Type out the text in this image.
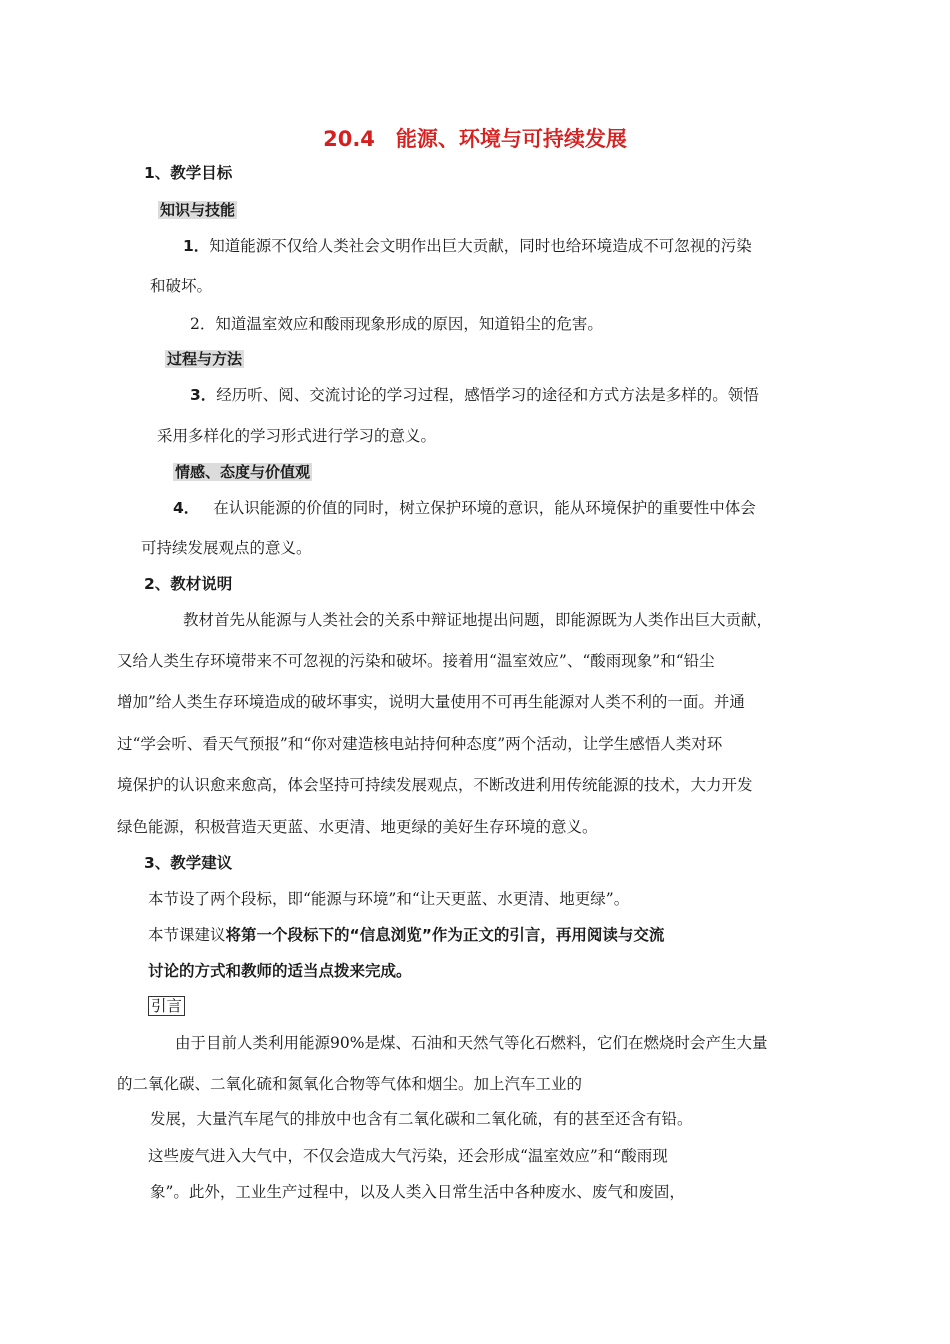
20.4　能源、环境与可持续发展
1、教学目标
知识与技能
1．知道能源不仅给人类社会文明作出巨大贡献，同时也给环境造成不可忽视的污染
和破坏。
2．知道温室效应和酸雨现象形成的原因，知道铅尘的危害。
过程与方法
3．经历听、阅、交流讨论的学习过程，感悟学习的途径和方式方法是多样的。领悟
采用多样化的学习形式进行学习的意义。
情感、态度与价值观
4． 在认识能源的价值的同时，树立保护环境的意识，能从环境保护的重要性中体会
可持续发展观点的意义。
2、教材说明
教材首先从能源与人类社会的关系中辩证地提出问题，即能源既为人类作出巨大贡献，
又给人类生存环境带来不可忽视的污染和破坏。接着用“温室效应”、“酸雨现象”和“铅尘
增加”给人类生存环境造成的破坏事实，说明大量使用不可再生能源对人类不利的一面。并通
过“学会听、看天气预报”和“你对建造核电站持何种态度”两个活动，让学生感悟人类对环
境保护的认识愈来愈高，体会坚持可持续发展观点，不断改进利用传统能源的技术，大力开发
绿色能源，积极营造天更蓝、水更清、地更绿的美好生存环境的意义。
3、教学建议
本节设了两个段标，即“能源与环境”和“让天更蓝、水更清、地更绿”。
本节课建议将第一个段标下的“信息浏览”作为正文的引言，再用阅读与交流
讨论的方式和教师的适当点拨来完成。
引言
由于目前人类利用能源90%是煤、石油和天然气等化石燃料，它们在燃烧时会产生大量
的二氧化碳、二氧化硫和氮氧化合物等气体和烟尘。加上汽车工业的
发展，大量汽车尾气的排放中也含有二氧化碳和二氧化硫，有的甚至还含有铅。
这些废气进入大气中，不仅会造成大气污染，还会形成“温室效应”和“酸雨现
象”。此外，工业生产过程中，以及人类入日常生活中各种废水、废气和废固，
